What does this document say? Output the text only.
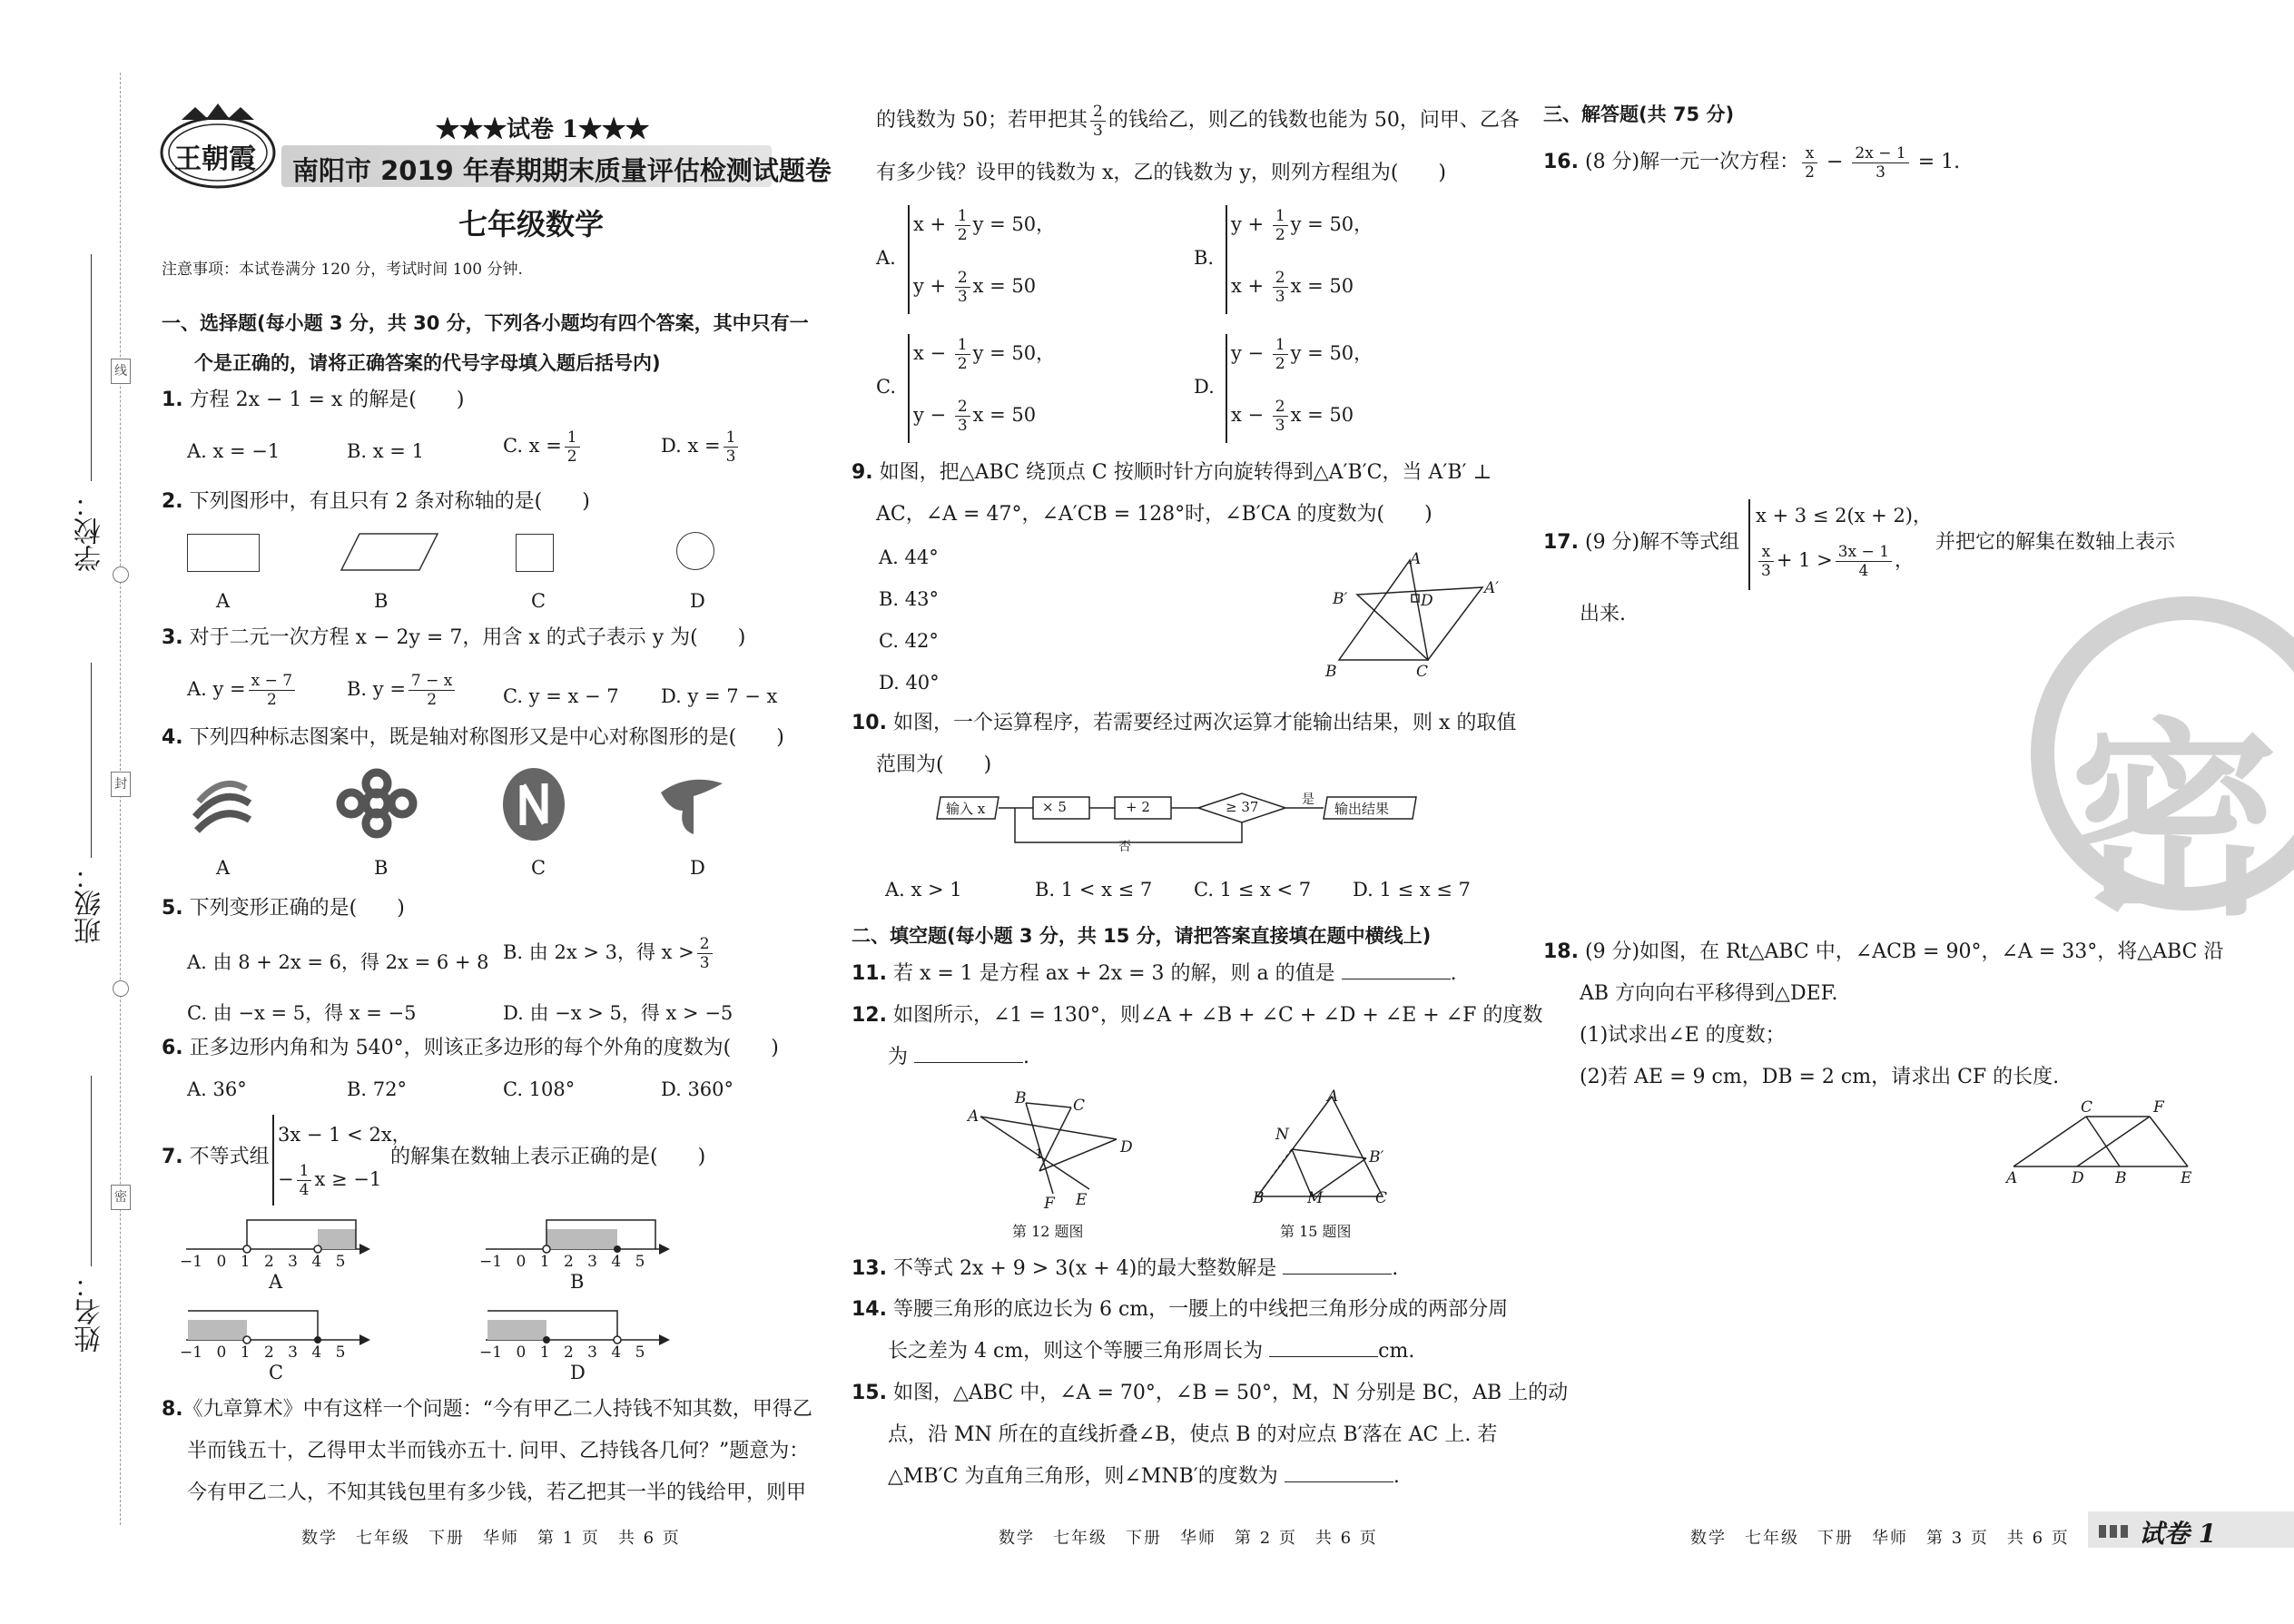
学校：
班级：
姓名：
线
封
密
王朝霞
★★★试卷 1★★★
南阳市 2019 年春期期末质量评估检测试题卷
七年级数学
注意事项：本试卷满分 120 分，考试时间 100 分钟.
一、选择题(每小题 3 分，共 30 分，下列各小题均有四个答案，其中只有一
个是正确的，请将正确答案的代号字母填入题后括号内)
1. 方程 2x − 1 = x 的解是(　　)
A. x = −1	B. x = 1	C. $x = \frac{1}{2}$	D. $x = \frac{1}{3}$
2. 下列图形中，有且只有 2 条对称轴的是(　　)
A	B	C	D
3. 对于二元一次方程 x − 2y = 7，用含 x 的式子表示 y 为(　　)
A. $y = \frac{x - 7}{2}$	B. $y = \frac{7 - x}{2}$	C. y = x − 7 D. y = 7 − x
4. 下列四种标志图案中，既是轴对称图形又是中心对称图形的是(　　)
A	B	C	D
5. 下列变形正确的是(　　)
A. 由 8 + 2x = 6，得 2x = 6 + 8 B. 由 2x > 3，得 $x > \frac{2}{3}$
C. 由 −x = 5，得 x = −5	D. 由 −x > 5，得 x > −5
6. 正多边形内角和为 540°，则该正多边形的每个外角的度数为(　　)
A. 36°	B. 72°	C. 108°	D. 360°
7. 不等式组
3x − 1 < 2x，
− $\frac{1}{4}$ x ≥ −1
的解集在数轴上表示正确的是(　　)
−1 0 1 2 3 4 5	−1 0 1 2 3 4 5
−1 0 1 2 3 4 5	−1 0 1 2 3 4 5
A	B
C	D
8.《九章算术》中有这样一个问题：“今有甲乙二人持钱不知其数，甲得乙
半而钱五十，乙得甲太半而钱亦五十. 问甲、乙持钱各几何？”题意为：
今有甲乙二人，不知其钱包里有多少钱，若乙把其一半的钱给甲，则甲
数学　七年级　下册　华师　第 1 页　共 6 页
的钱数为 50；若甲把其 $\frac{2}{3}$ 的钱给乙，则乙的钱数也能为 50，问甲、乙各
有多少钱？设甲的钱数为 x，乙的钱数为 y，则列方程组为(　　)
A.
$x + \frac{1}{2}$ y = 50，
$y + \frac{2}{3}$ x = 50
B.
$y + \frac{1}{2}$ y = 50，
$x + \frac{2}{3}$ x = 50
C.
$x - \frac{1}{2}$ y = 50，
$y - \frac{2}{3}$ x = 50
D.
$y - \frac{1}{2}$ y = 50，
$x - \frac{2}{3}$ x = 50
9. 如图，把△ABC 绕顶点 C 按顺时针方向旋转得到△A′B′C，当 A′B′ ⊥
AC，∠A = 47°，∠A′CB = 128°时，∠B′CA 的度数为(　　)
A. 44°
B. 43°
C. 42°
D. 40°
A
B′	D
A′
B	C
10. 如图，一个运算程序，若需要经过两次运算才能输出结果，则 x 的取值
范围为(　　)
输入 x	× 5	+ 2	≥ 37	输出结果
是
否
A. x > 1	B. 1 < x ≤ 7 C. 1 ≤ x < 7 D. 1 ≤ x ≤ 7
二、填空题(每小题 3 分，共 15 分，请把答案直接填在题中横线上)
11. 若 x = 1 是方程 ax + 2x = 3 的解，则 a 的值是	.
12. 如图所示，∠1 = 130°，则∠A + ∠B + ∠C + ∠D + ∠E + ∠F 的度数
为	.
A
B	C
D
E
F
1
第 12 题图
A
N
B′
B	M	C
第 15 题图
13. 不等式 2x + 9 > 3(x + 4)的最大整数解是	.
14. 等腰三角形的底边长为 6 cm，一腰上的中线把三角形分成的两部分周
长之差为 4 cm，则这个等腰三角形周长为	cm.
15. 如图，△ABC 中，∠A = 70°，∠B = 50°，M，N 分别是 BC，AB 上的动
点，沿 MN 所在的直线折叠∠B，使点 B 的对应点 B′落在 AC 上. 若
△MB′C 为直角三角形，则∠MNB′的度数为	.
数学　七年级　下册　华师　第 2 页　共 6 页
密
三、解答题(共 75 分)
16. (8 分)解一元一次方程： $\frac{x}{2} - \frac{2x - 1}{3} = 1$.
17. (9 分)解不等式组
x + 3 ≤ 2(x + 2)，
$\frac{x}{3} + 1 > \frac{3x - 1}{4}$ ，
并把它的解集在数轴上表示
出来.
18. (9 分)如图，在 Rt△ABC 中，∠ACB = 90°，∠A = 33°，将△ABC 沿
AB 方向向右平移得到△DEF.
(1)试求出∠E 的度数；
(2)若 AE = 9 cm，DB = 2 cm，请求出 CF 的长度.
C	F
A	D B	E
数学　七年级　下册　华师　第 3 页　共 6 页	试卷 1
